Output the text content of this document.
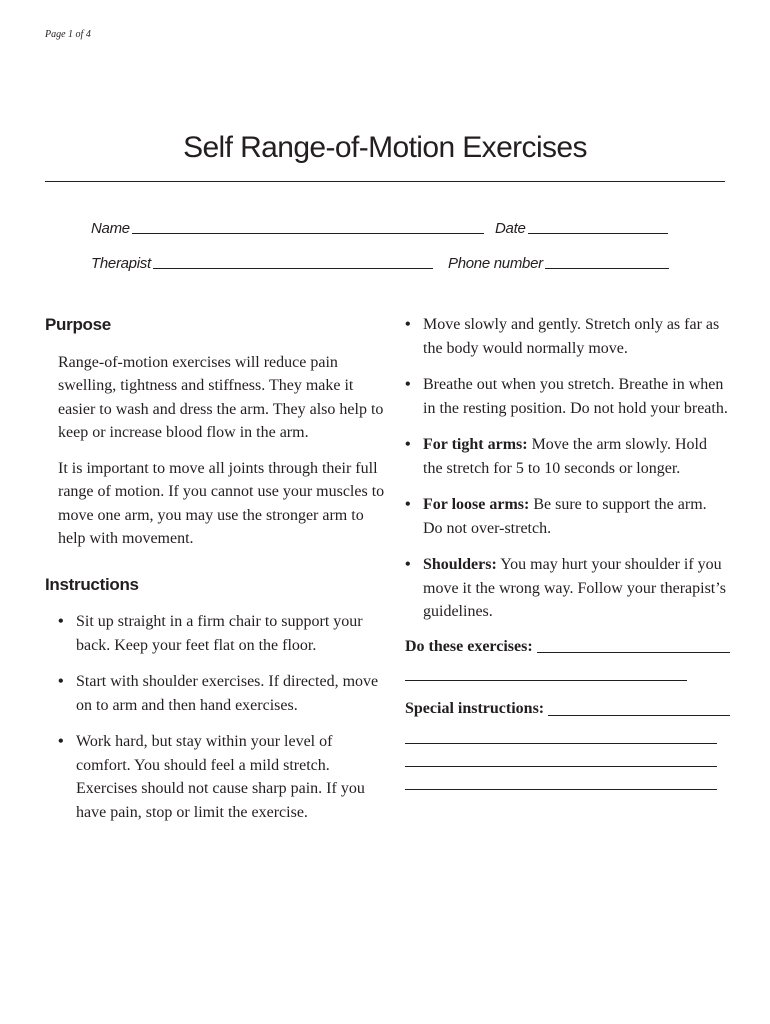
Page 1 of 4
Self Range-of-Motion Exercises
Name	Date
Therapist	Phone number
Purpose

Range-of-motion exercises will reduce pain swelling, tightness and stiffness. They make it easier to wash and dress the arm. They also help to keep or increase blood flow in the arm.

It is important to move all joints through their full range of motion. If you cannot use your muscles to move one arm, you may use the stronger arm to help with movement.

Instructions
• Sit up straight in a firm chair to support your back. Keep your feet flat on the floor.
• Start with shoulder exercises. If directed, move on to arm and then hand exercises.
• Work hard, but stay within your level of comfort. You should feel a mild stretch. Exercises should not cause sharp pain. If you have pain, stop or limit the exercise.
• Move slowly and gently. Stretch only as far as the body would normally move.
• Breathe out when you stretch. Breathe in when in the resting position. Do not hold your breath.
• For tight arms: Move the arm slowly. Hold the stretch for 5 to 10 seconds or longer.
• For loose arms: Be sure to support the arm. Do not over-stretch.
• Shoulders: You may hurt your shoulder if you move it the wrong way. Follow your therapist’s guidelines.
Do these exercises:
Special instructions:
